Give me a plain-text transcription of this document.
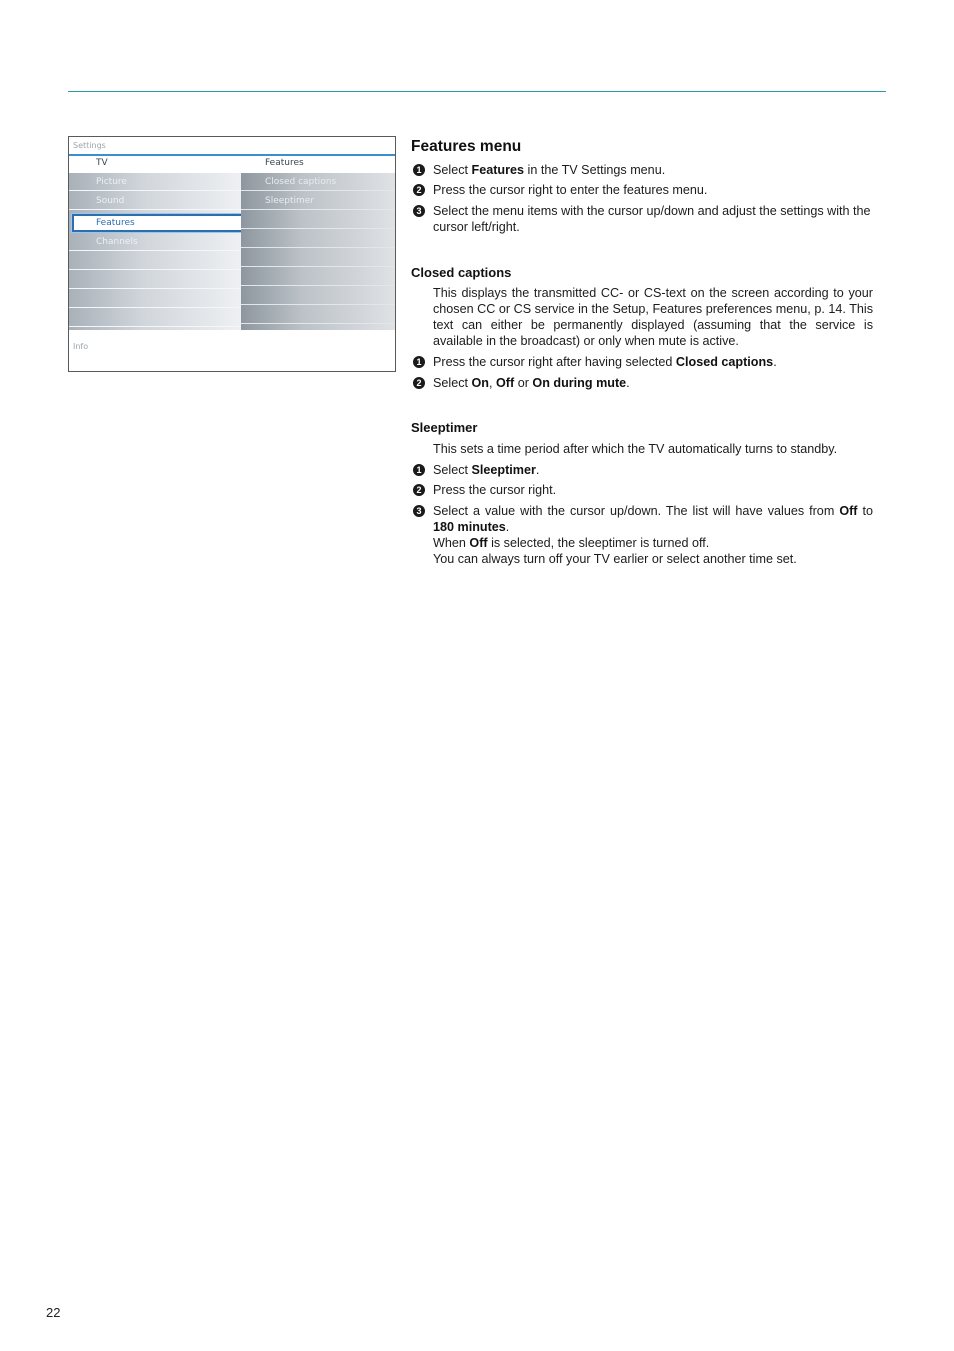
Settings
TV	Features
Picture
Sound
Features
Channels
Closed captions
Sleeptimer
Info
Features menu
1 Select Features in the TV Settings menu.
2 Press the cursor right to enter the features menu.
3 Select the menu items with the cursor up/down and adjust the settings with the cursor left/right.
Closed captions
This displays the transmitted CC- or CS-text on the screen according to your chosen CC or CS service in the Setup, Features preferences menu, p. 14. This text can either be permanently displayed (assuming that the service is available in the broadcast) or only when mute is active.
1 Press the cursor right after having selected Closed captions.
2 Select On, Off or On during mute.
Sleeptimer
This sets a time period after which the TV automatically turns to standby.
1 Select Sleeptimer.
2 Press the cursor right.
3 Select a value with the cursor up/down. The list will have values from Off to 180 minutes.
When Off is selected, the sleeptimer is turned off.
You can always turn off your TV earlier or select another time set.
22
